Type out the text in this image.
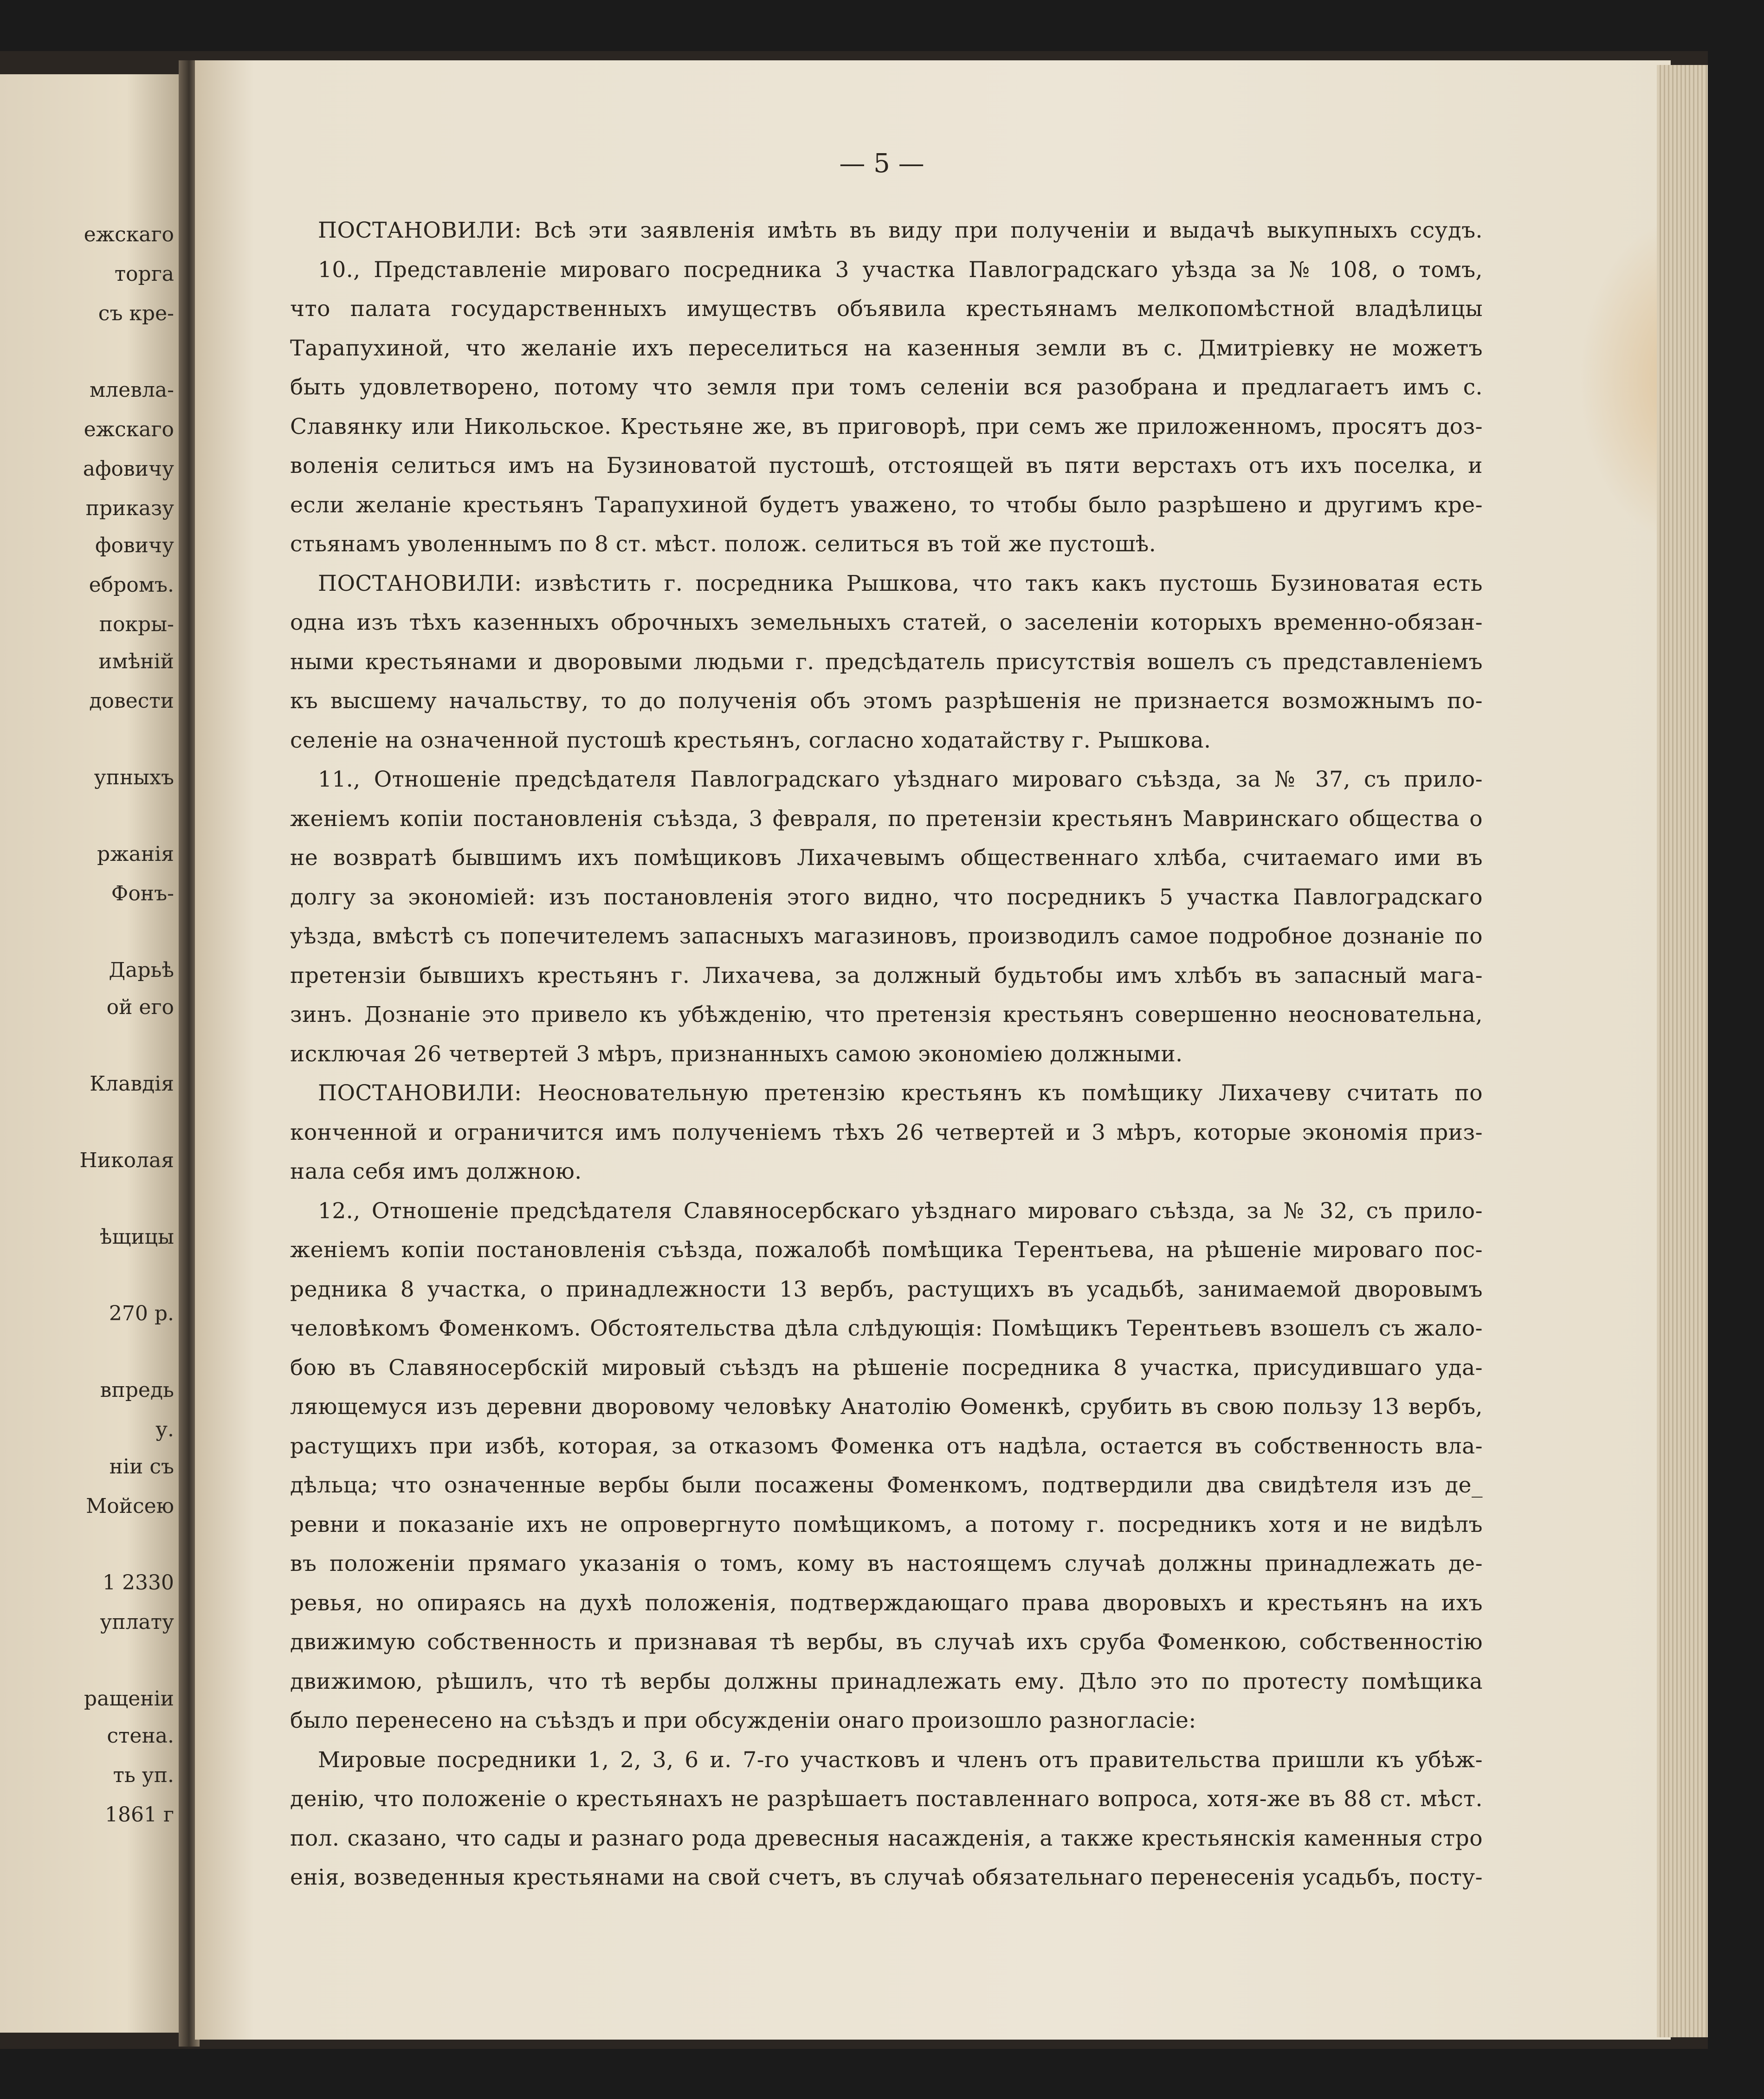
ежскаго
торга
съ кре-
млевла-
ежскаго
афовичу
приказу
фовичу
ебромъ.
покры-
имѣній
довести
упныхъ
ржанія
Фонъ-
Дарьѣ
ой его
Клавдія
Николая
ѣщицы
270 р.
впредь
у.
ніи съ
Мойсею
1 2330
уплату
ращеніи
стена.
ть уп.
1861 г
— 5 —
ПОСТАНОВИЛИ: Всѣ эти заявленія имѣть въ виду при полученіи и выдачѣ выкупныхъ ссудъ.
10., Представленіе мироваго посредника 3 участка Павлоградскаго уѣзда за № 108, о томъ,
что палата государственныхъ имуществъ объявила крестьянамъ мелкопомѣстной владѣлицы
Тарапухиной, что желаніе ихъ переселиться на казенныя земли въ с. Дмитріевку не можетъ
быть удовлетворено, потому что земля при томъ селеніи вся разобрана и предлагаетъ имъ с.
Славянку или Никольское. Крестьяне же, въ приговорѣ, при семъ же приложенномъ, просятъ доз-
воленія селиться имъ на Бузиноватой пустошѣ, отстоящей въ пяти верстахъ отъ ихъ поселка, и
если желаніе крестьянъ Тарапухиной будетъ уважено, то чтобы было разрѣшено и другимъ кре-
стьянамъ уволеннымъ по 8 ст. мѣст. полож. селиться въ той же пустошѣ.
ПОСТАНОВИЛИ: извѣстить г. посредника Рышкова, что такъ какъ пустошь Бузиноватая есть
одна изъ тѣхъ казенныхъ оброчныхъ земельныхъ статей, о заселеніи которыхъ временно-обязан-
ными крестьянами и дворовыми людьми г. предсѣдатель присутствія вошелъ съ представленіемъ
къ высшему начальству, то до полученія объ этомъ разрѣшенія не признается возможнымъ по-
селеніе на означенной пустошѣ крестьянъ, согласно ходатайству г. Рышкова.
11., Отношеніе предсѣдателя Павлоградскаго уѣзднаго мироваго съѣзда, за № 37, съ прило-
женіемъ копіи постановленія съѣзда, 3 февраля, по претензіи крестьянъ Мавринскаго общества о
не возвратѣ бывшимъ ихъ помѣщиковъ Лихачевымъ общественнаго хлѣба, считаемаго ими въ
долгу за экономіей: изъ постановленія этого видно, что посредникъ 5 участка Павлоградскаго
уѣзда, вмѣстѣ съ попечителемъ запасныхъ магазиновъ, производилъ самое подробное дознаніе по
претензіи бывшихъ крестьянъ г. Лихачева, за должный будьтобы имъ хлѣбъ въ запасный мага-
зинъ. Дознаніе это привело къ убѣжденію, что претензія крестьянъ совершенно неосновательна,
исключая 26 четвертей 3 мѣръ, признанныхъ самою экономіею должными.
ПОСТАНОВИЛИ: Неосновательную претензію крестьянъ къ помѣщику Лихачеву считать по
конченной и ограничится имъ полученіемъ тѣхъ 26 четвертей и 3 мѣръ, которые экономія приз-
нала себя имъ должною.
12., Отношеніе предсѣдателя Славяносербскаго уѣзднаго мироваго съѣзда, за № 32, съ прило-
женіемъ копіи постановленія съѣзда, пожалобѣ помѣщика Терентьева, на рѣшеніе мироваго пос-
редника 8 участка, о принадлежности 13 вербъ, растущихъ въ усадьбѣ, занимаемой дворовымъ
человѣкомъ Фоменкомъ. Обстоятельства дѣла слѣдующія: Помѣщикъ Терентьевъ взошелъ съ жало-
бою въ Славяносербскій мировый съѣздъ на рѣшеніе посредника 8 участка, присудившаго уда-
ляющемуся изъ деревни дворовому человѣку Анатолію Ѳоменкѣ, срубить въ свою пользу 13 вербъ,
растущихъ при избѣ, которая, за отказомъ Фоменка отъ надѣла, остается въ собственность вла-
дѣльца; что означенные вербы были посажены Фоменкомъ, подтвердили два свидѣтеля изъ де_
ревни и показаніе ихъ не опровергнуто помѣщикомъ, а потому г. посредникъ хотя и не видѣлъ
въ положеніи прямаго указанія о томъ, кому въ настоящемъ случаѣ должны принадлежать де-
ревья, но опираясь на духѣ положенія, подтверждающаго права дворовыхъ и крестьянъ на ихъ
движимую собственность и признавая тѣ вербы, въ случаѣ ихъ сруба Фоменкою, собственностію
движимою, рѣшилъ, что тѣ вербы должны принадлежать ему. Дѣло это по протесту помѣщика
было перенесено на съѣздъ и при обсужденіи онаго произошло разногласіе:
Мировые посредники 1, 2, 3, 6 и. 7-го участковъ и членъ отъ правительства пришли къ убѣж-
денію, что положеніе о крестьянахъ не разрѣшаетъ поставленнаго вопроса, хотя-же въ 88 ст. мѣст.
пол. сказано, что сады и разнаго рода древесныя насажденія, а также крестьянскія каменныя стро
енія, возведенныя крестьянами на свой счетъ, въ случаѣ обязательнаго перенесенія усадьбъ, посту-
